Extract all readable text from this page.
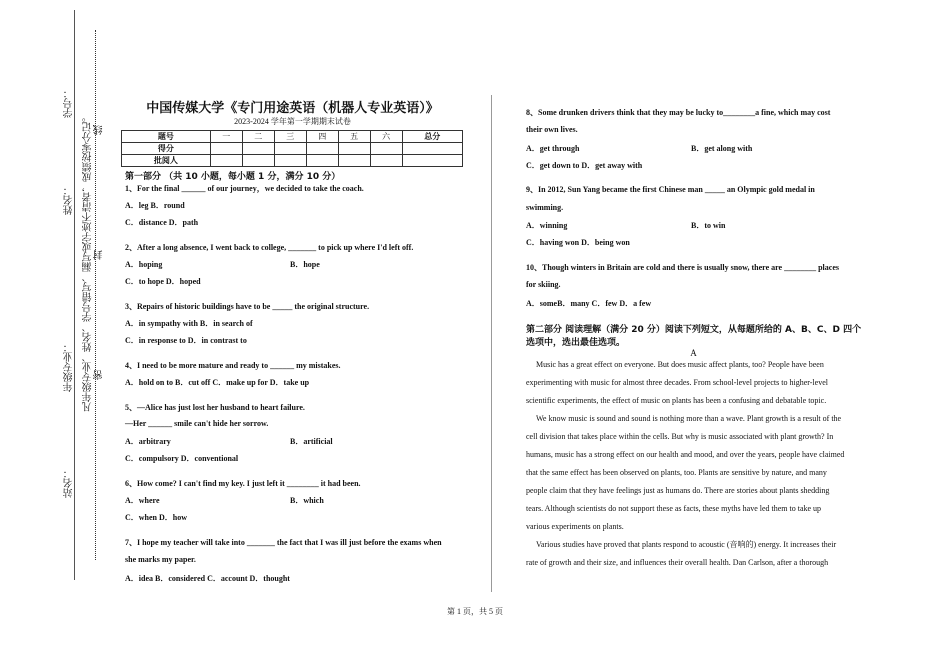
学号：
姓名：
年级专业：
站名：
凡年级专业、姓名、学号错写、漏写或字迹不清者，成绩按零分记。 线
封
密
中国传媒大学《专门用途英语（机器人专业英语）》
2023-2024 学年第一学期期末试卷
题号	一	二	三	四	五	六	总分
得分							
批阅人							
第一部分 （共 10 小题，每小题 1 分，满分 10 分）
1、For the final ______ of our journey，we decided to take the coach.
A．leg B．round
C．distance D．path
2、After a long absence, I went back to college, _______ to pick up where I'd left off.
A．hoping	B．hope
C．to hope D．hoped
3、Repairs of historic buildings have to be _____ the original structure.
A．in sympathy with B．in search of
C．in response to D．in contrast to
4、I need to be more mature and ready to ______ my mistakes.
A．hold on to B．cut off C．make up for D．take up
5、—Alice has just lost her husband to heart failure.
—Her ______ smile can't hide her sorrow.
A．arbitrary	B．artificial
C．compulsory D．conventional
6、How come? I can't find my key. I just left it ________ it had been.
A．where	B．which
C．when D．how
7、I hope my teacher will take into _______ the fact that I was ill just before the exams when
she marks my paper.
A．idea B．considered C．account D．thought
8、Some drunken drivers think that they may be lucky to________a fine, which may cost
their own lives.
A．get through	B．get along with
C．get down to D．get away with
9、In 2012, Sun Yang became the first Chinese man _____ an Olympic gold medal in
swimming.
A．winning	B．to win
C．having won D．being won
10、Though winters in Britain are cold and there is usually snow, there are ________ places
for skiing.
A．someB．many C．few D．a few
第二部分 阅读理解（满分 20 分）阅读下列短文，从每题所给的 A、B、C、D 四个
选项中，选出最佳选项。
A
Music has a great effect on everyone. But does music affect plants, too? People have been
experimenting with music for almost three decades. From school-level projects to higher-level
scientific experiments, the effect of music on plants has been a confusing and debatable topic.
We know music is sound and sound is nothing more than a wave. Plant growth is a result of the
cell division that takes place within the cells. But why is music associated with plant growth? In
humans, music has a strong effect on our health and mood, and over the years, people have claimed
that the same effect has been observed on plants, too. Plants are sensitive by nature, and many
people claim that they have feelings just as humans do. There are stories about plants shedding
tears. Although scientists do not support these as facts, these myths have led them to take up
various experiments on plants.
Various studies have proved that plants respond to acoustic (音响的) energy. It increases their
rate of growth and their size, and influences their overall health. Dan Carlson, after a thorough
第 1 页，共 5 页
